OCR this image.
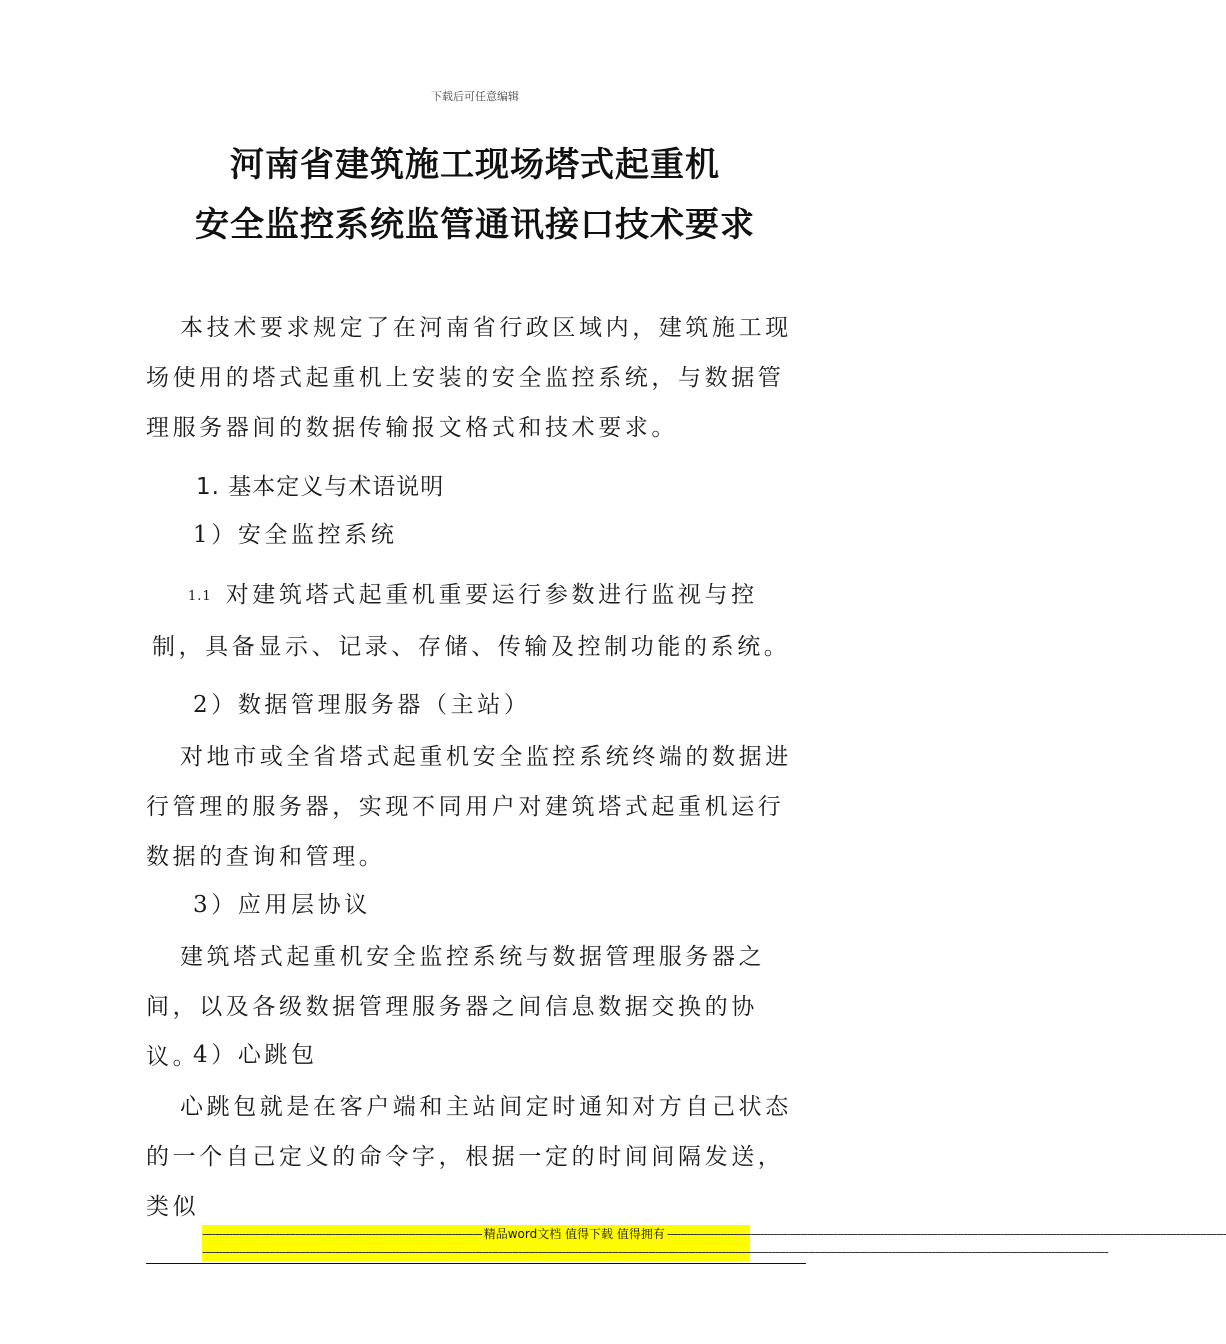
下载后可任意编辑
河南省建筑施工现场塔式起重机
安全监控系统监管通讯接口技术要求
本技术要求规定了在河南省行政区域内，建筑施工现场使用的塔式起重机上安装的安全监控系统，与数据管理服务器间的数据传输报文格式和技术要求。
1. 基本定义与术语说明
1）安全监控系统
1.1 对建筑塔式起重机重要运行参数进行监视与控制，具备显示、记录、存储、传输及控制功能的系统。
2）数据管理服务器（主站）
对地市或全省塔式起重机安全监控系统终端的数据进行管理的服务器，实现不同用户对建筑塔式起重机运行数据的查询和管理。
3）应用层协议
建筑塔式起重机安全监控系统与数据管理服务器之间，以及各级数据管理服务器之间信息数据交换的协议。
4）心跳包
心跳包就是在客户端和主站间定时通知对方自己状态的一个自己定义的命令字，根据一定的时间间隔发送，类似
------------------------------------------------------------------------------------ 精品word文档 值得下载 值得拥有 ------------------------------------------------------------------------------------------------------------------------------------------------------------------------
--------------------------------------------------------------------------------------------------------------------------------------------------------------------------------------------------------------------------------------------------------------------------------
